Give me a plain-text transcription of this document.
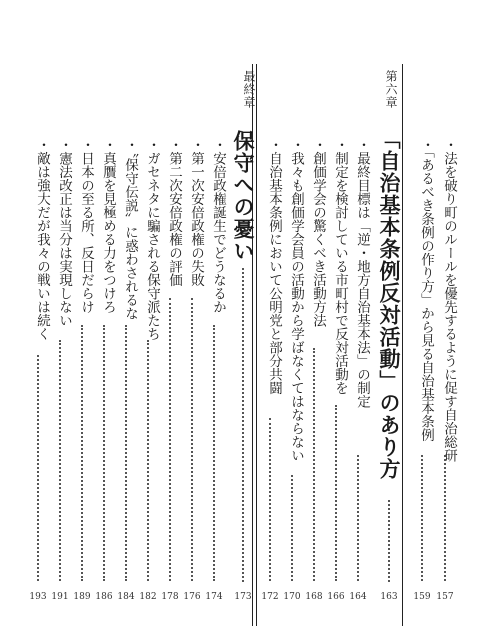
・法を破り町のルールを優先するように促す自治総研
157
・「あるべき条例の作り方」から見る自治基本条例
159
第六章
「自治基本条例反対活動」のあり方
163
・最終目標は「逆・地方自治基本法」の制定
164
・制定を検討している市町村で反対活動を
166
・創価学会の驚くべき活動方法
168
・我々も創価学会員の活動から学ばなくてはならない
170
・自治基本条例において公明党と部分共闘
172
最終章
保守への憂い
173
・安倍政権誕生でどうなるか
174
・第一次安倍政権の失敗
176
・第二次安倍政権の評価
178
・ガセネタに騙される保守派たち
182
・〝保守伝説〟に惑わされるな
184
・真贋を見極める力をつけろ
186
・日本の至る所、反日だらけ
189
・憲法改正は当分は実現しない
191
・敵は強大だが我々の戦いは続く
193
